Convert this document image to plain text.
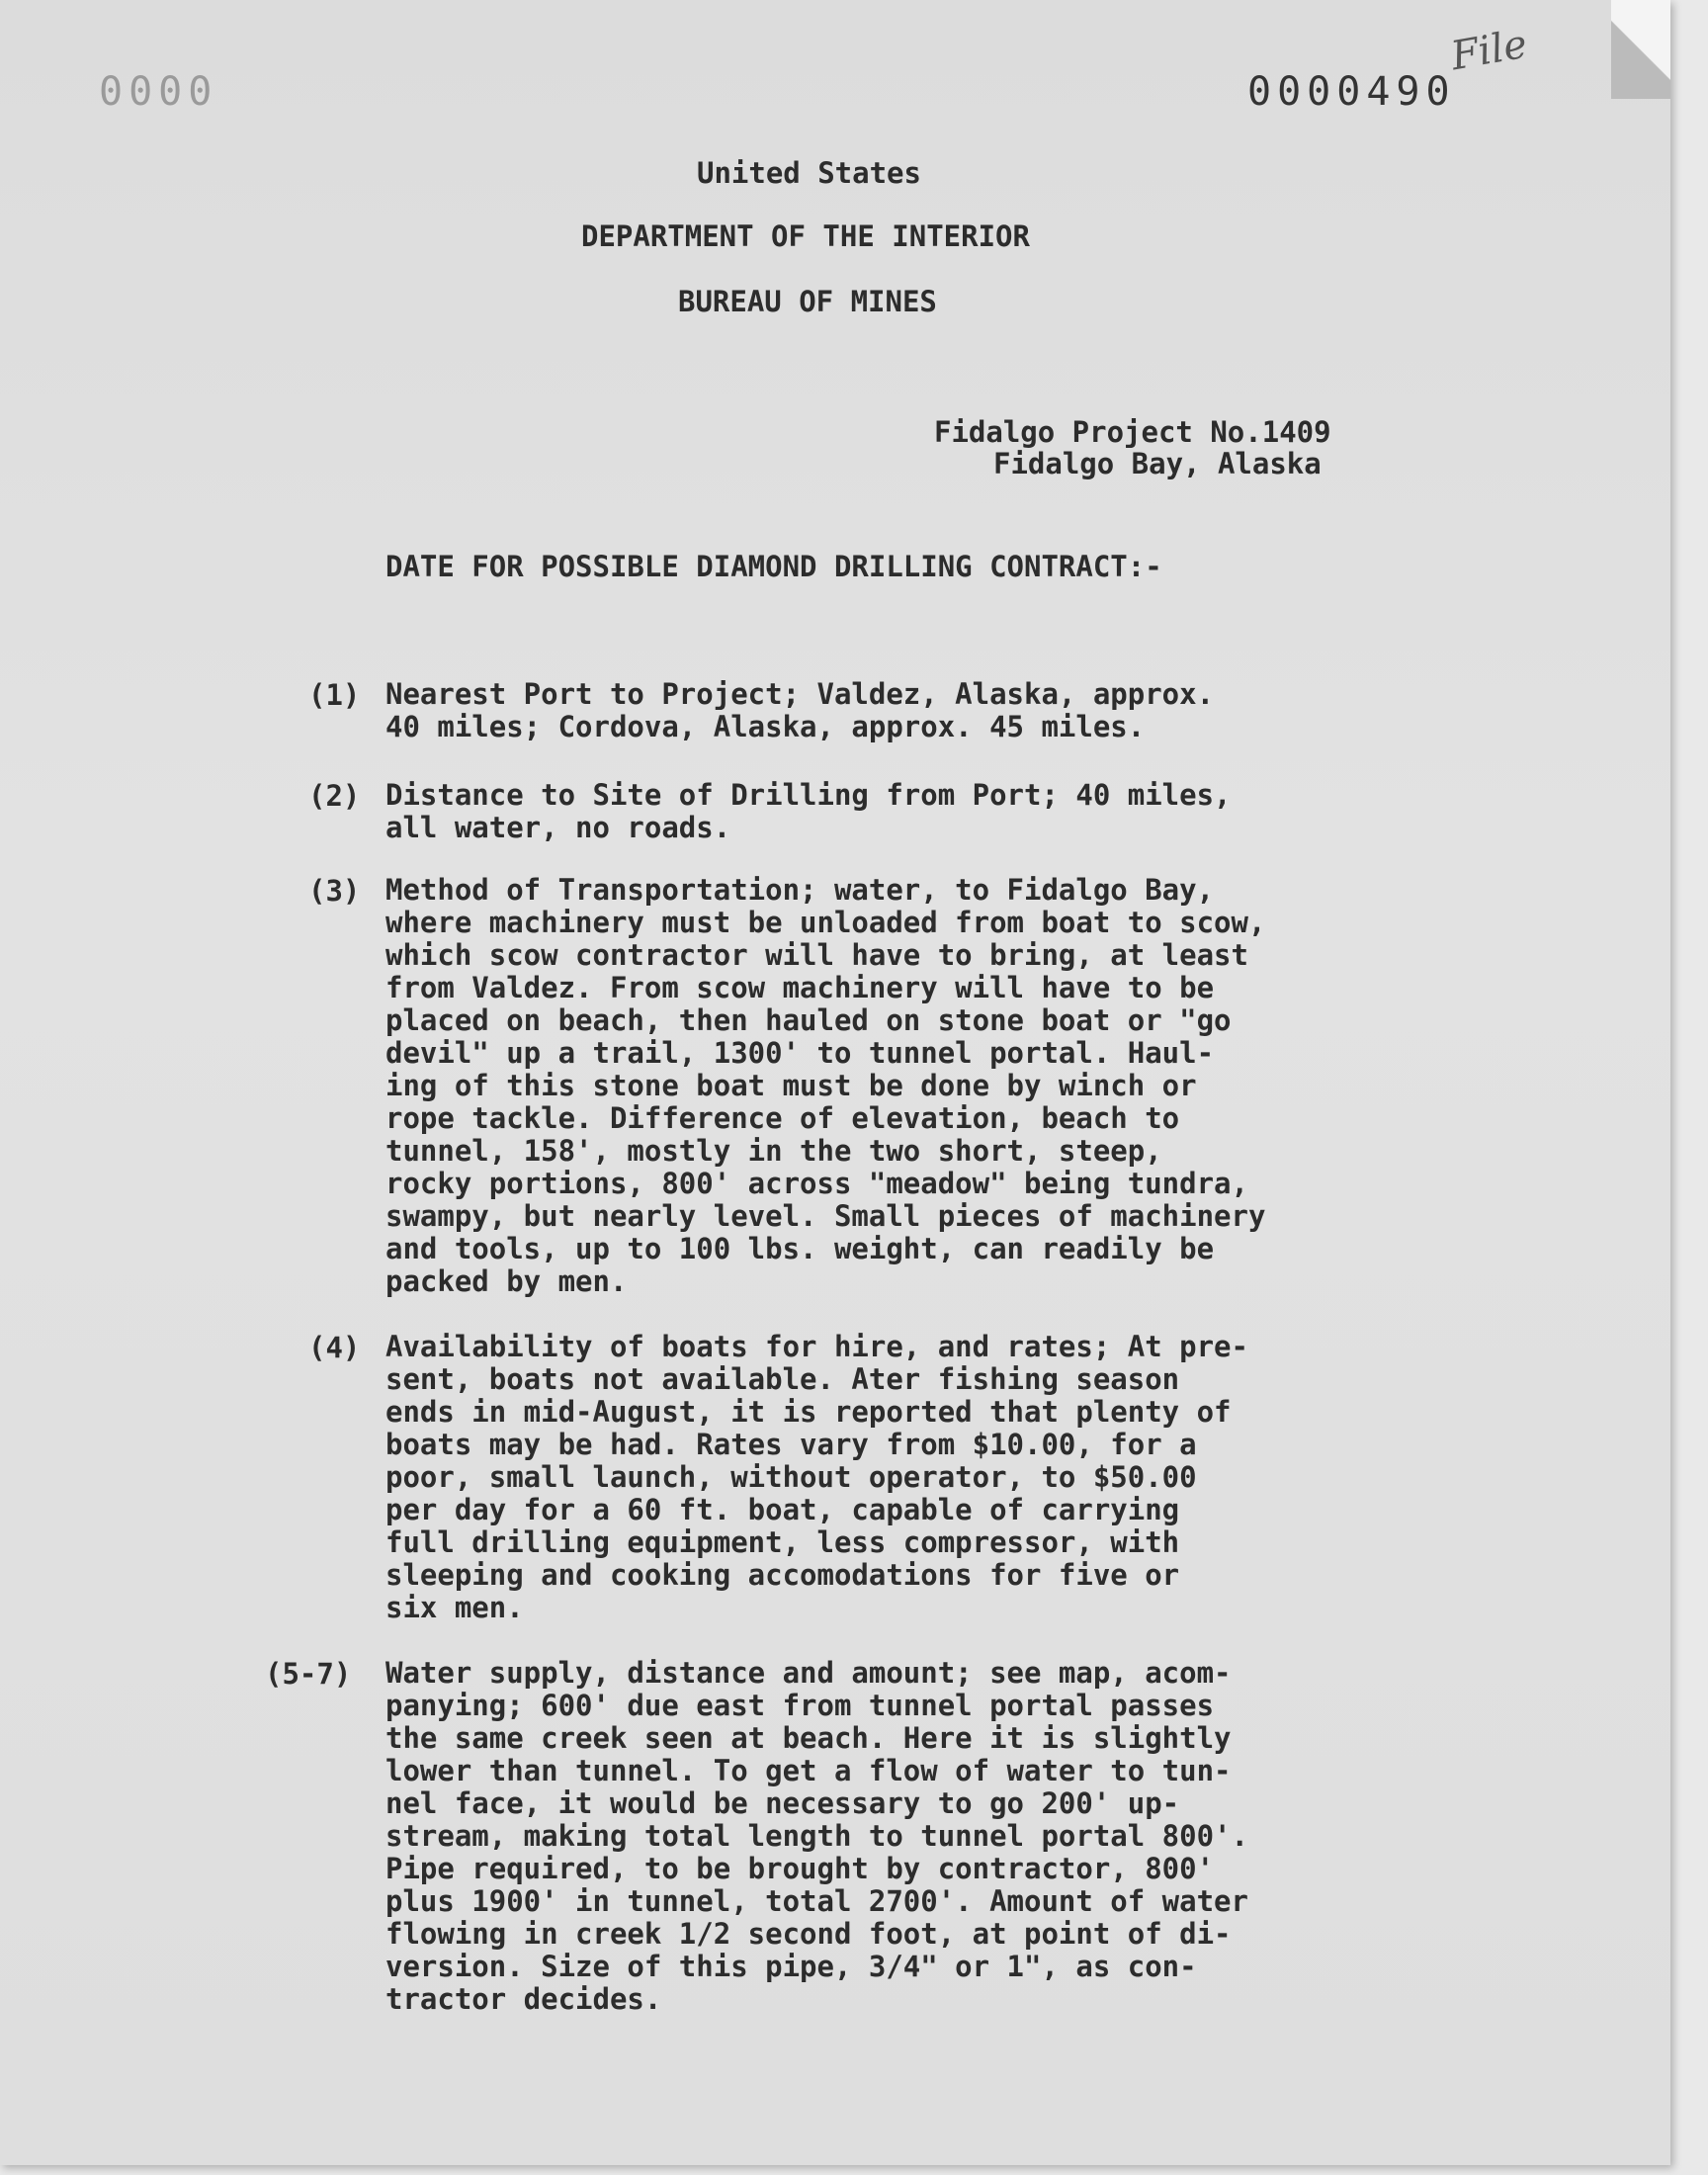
0000	0000490
File
United States
DEPARTMENT OF THE INTERIOR
BUREAU OF MINES
Fidalgo Project No.1409
Fidalgo Bay, Alaska
DATE FOR POSSIBLE DIAMOND DRILLING CONTRACT:-
(1) Nearest Port to Project; Valdez, Alaska, approx.
40 miles; Cordova, Alaska, approx. 45 miles.
(2) Distance to Site of Drilling from Port; 40 miles,
all water, no roads.
(3) Method of Transportation; water, to Fidalgo Bay,
where machinery must be unloaded from boat to scow,
which scow contractor will have to bring, at least
from Valdez. From scow machinery will have to be
placed on beach, then hauled on stone boat or "go
devil" up a trail, 1300' to tunnel portal. Haul-
ing of this stone boat must be done by winch or
rope tackle. Difference of elevation, beach to
tunnel, 158', mostly in the two short, steep,
rocky portions, 800' across "meadow" being tundra,
swampy, but nearly level. Small pieces of machinery
and tools, up to 100 lbs. weight, can readily be
packed by men.
(4) Availability of boats for hire, and rates; At pre-
sent, boats not available. Ater fishing season
ends in mid-August, it is reported that plenty of
boats may be had. Rates vary from $10.00, for a
poor, small launch, without operator, to $50.00
per day for a 60 ft. boat, capable of carrying
full drilling equipment, less compressor, with
sleeping and cooking accomodations for five or
six men.
(5-7) Water supply, distance and amount; see map, acom-
panying; 600' due east from tunnel portal passes
the same creek seen at beach. Here it is slightly
lower than tunnel. To get a flow of water to tun-
nel face, it would be necessary to go 200' up-
stream, making total length to tunnel portal 800'.
Pipe required, to be brought by contractor, 800'
plus 1900' in tunnel, total 2700'. Amount of water
flowing in creek 1/2 second foot, at point of di-
version. Size of this pipe, 3/4" or 1", as con-
tractor decides.
